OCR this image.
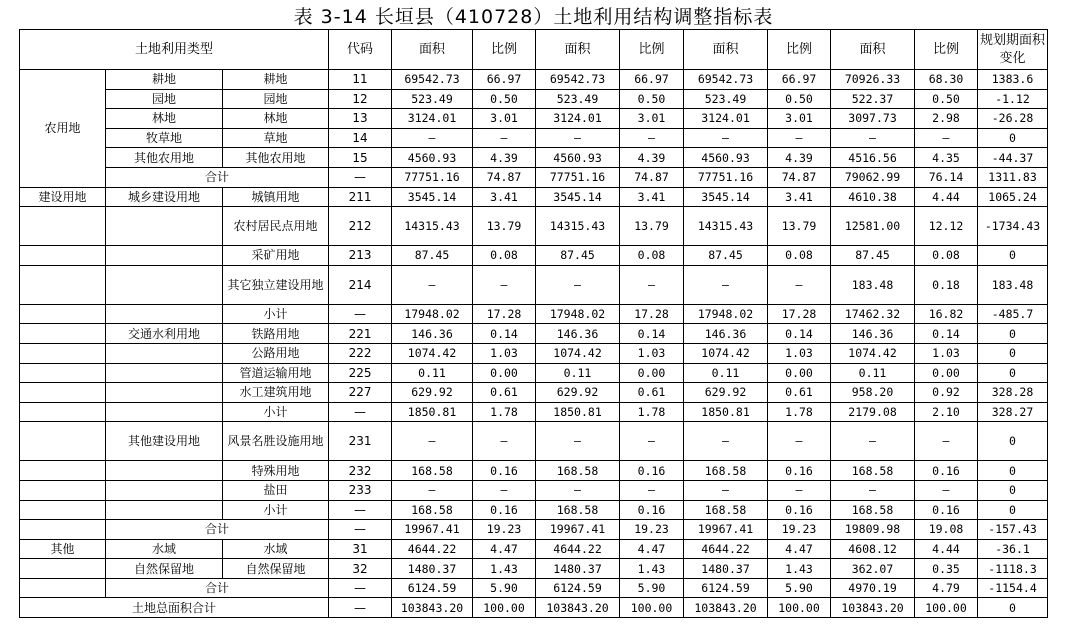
表 3-14 长垣县（410728）土地利用结构调整指标表
土地利用类型			代码	面积	比例	面积	比例	面积	比例	面积	比例	规划期面积变化
农用地	耕地	耕地	11	69542.73	66.97	69542.73	66.97	69542.73	66.97	70926.33	68.30	1383.6
	园地	园地	12	523.49	0.50	523.49	0.50	523.49	0.50	522.37	0.50	-1.12
	林地	林地	13	3124.01	3.01	3124.01	3.01	3124.01	3.01	3097.73	2.98	-26.28
	牧草地	草地	14	—	—	—	—	—	—	—	—	0
	其他农用地	其他农用地	15	4560.93	4.39	4560.93	4.39	4560.93	4.39	4516.56	4.35	-44.37
	合计		—	77751.16	74.87	77751.16	74.87	77751.16	74.87	79062.99	76.14	1311.83
建设用地	城乡建设用地	城镇用地	211	3545.14	3.41	3545.14	3.41	3545.14	3.41	4610.38	4.44	1065.24
		农村居民点用地	212	14315.43	13.79	14315.43	13.79	14315.43	13.79	12581.00	12.12	-1734.43
		采矿用地	213	87.45	0.08	87.45	0.08	87.45	0.08	87.45	0.08	0
		其它独立建设用地	214	—	—	—	—	—	—	183.48	0.18	183.48
		小计	—	17948.02	17.28	17948.02	17.28	17948.02	17.28	17462.32	16.82	-485.7
	交通水利用地	铁路用地	221	146.36	0.14	146.36	0.14	146.36	0.14	146.36	0.14	0
		公路用地	222	1074.42	1.03	1074.42	1.03	1074.42	1.03	1074.42	1.03	0
		管道运输用地	225	0.11	0.00	0.11	0.00	0.11	0.00	0.11	0.00	0
		水工建筑用地	227	629.92	0.61	629.92	0.61	629.92	0.61	958.20	0.92	328.28
		小计	—	1850.81	1.78	1850.81	1.78	1850.81	1.78	2179.08	2.10	328.27
	其他建设用地	风景名胜设施用地	231	—	—	—	—	—	—	—	—	0
		特殊用地	232	168.58	0.16	168.58	0.16	168.58	0.16	168.58	0.16	0
		盐田	233	—	—	—	—	—	—	—	—	0
		小计	—	168.58	0.16	168.58	0.16	168.58	0.16	168.58	0.16	0
	合计		—	19967.41	19.23	19967.41	19.23	19967.41	19.23	19809.98	19.08	-157.43
其他	水域	水域	31	4644.22	4.47	4644.22	4.47	4644.22	4.47	4608.12	4.44	-36.1
	自然保留地	自然保留地	32	1480.37	1.43	1480.37	1.43	1480.37	1.43	362.07	0.35	-1118.3
	合计		—	6124.59	5.90	6124.59	5.90	6124.59	5.90	4970.19	4.79	-1154.4
土地总面积合计			—	103843.20	100.00	103843.20	100.00	103843.20	100.00	103843.20	100.00	0
